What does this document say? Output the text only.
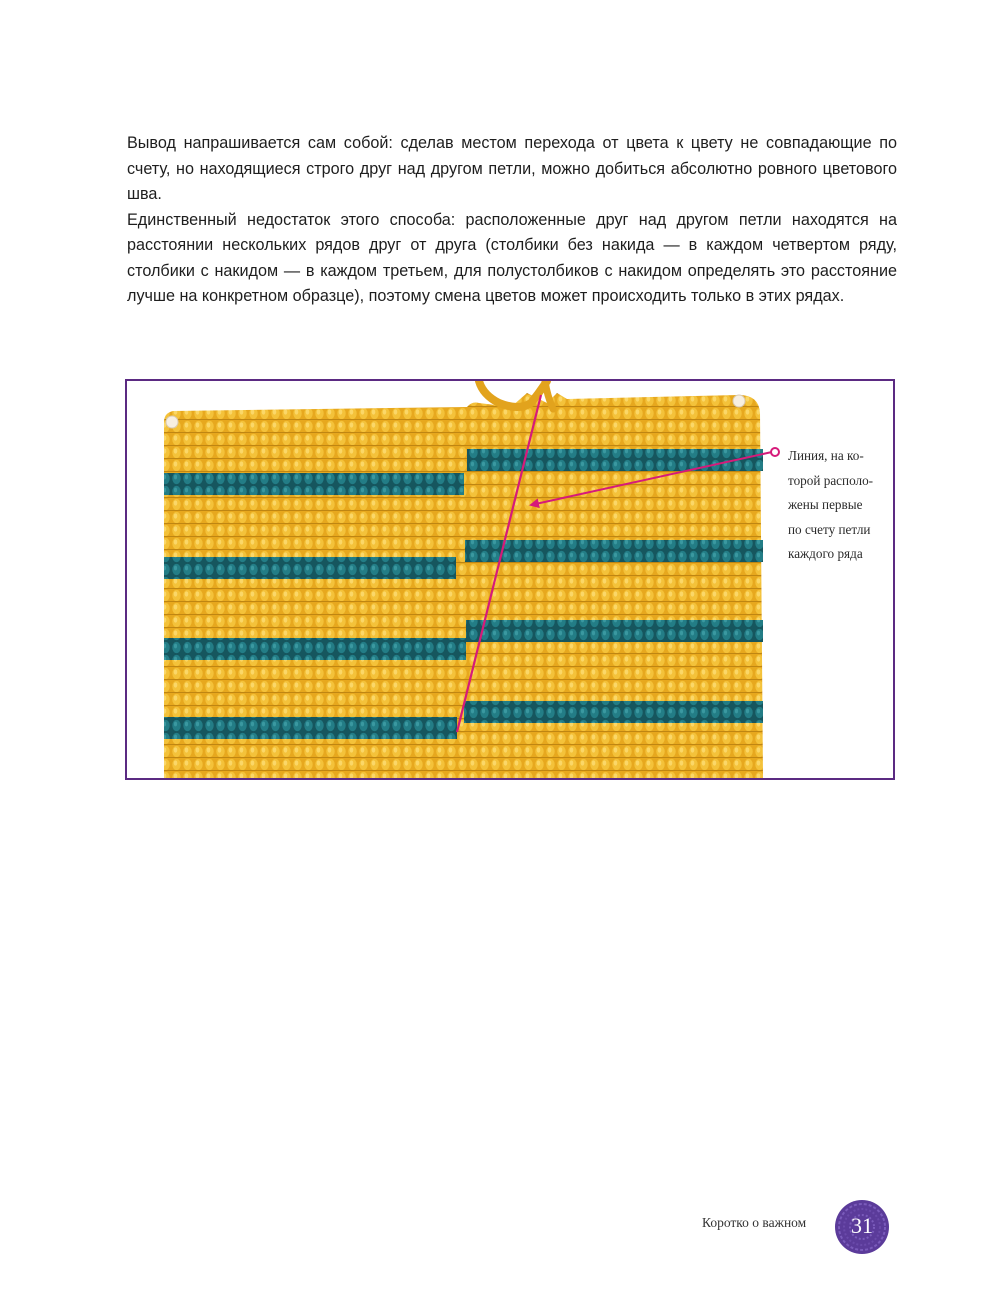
Вывод напрашивается сам собой: сделав местом перехода от цвета к цвету не совпадающие по счету, но находящиеся строго друг над другом петли, можно добиться абсолютно ровного цветового шва.

Единственный недостаток этого способа: расположенные друг над другом петли находятся на расстоянии нескольких рядов друг от друга (столбики без накида — в каждом четвертом ряду, столбики с накидом — в каждом третьем, для полустолбиков с накидом определять это расстояние лучше на конкретном образце), поэтому смена цветов может происходить только в этих рядах.

Линия, на ко-
торой располо-
жены первые
по счету петли
каждого ряда
Коротко о важном	31
